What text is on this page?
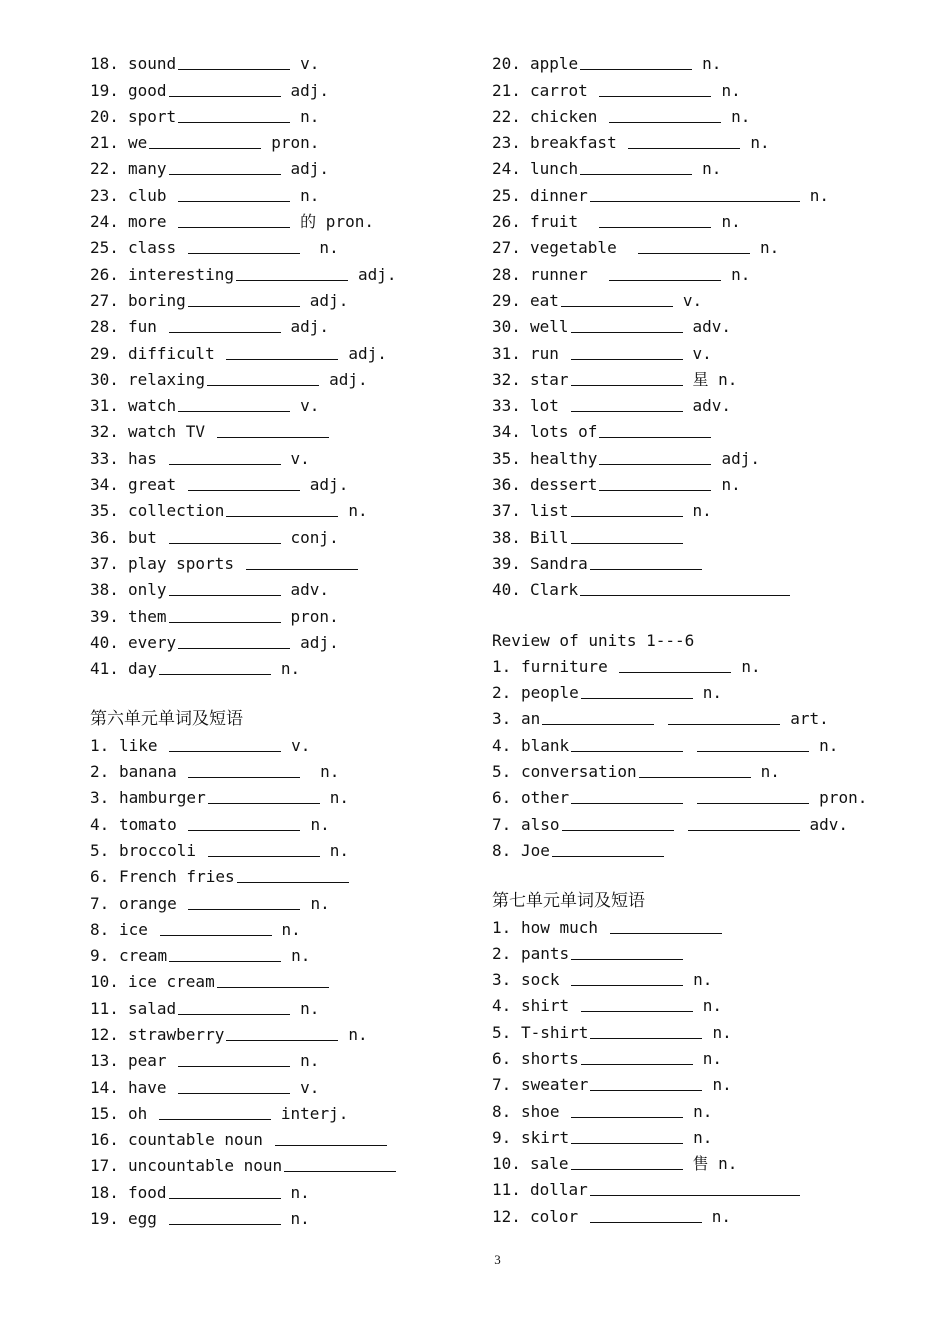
18. sound	v.
19. good	adj.
20. sport	n.
21. we	pron.
22. many	adj.
23. club	n.
24. more	的 pron.
25. class	n.
26. interesting	adj.
27. boring	adj.
28. fun	adj.
29. difficult	adj.
30. relaxing	adj.
31. watch	v.
32. watch TV
33. has	v.
34. great	adj.
35. collection	n.
36. but	conj.
37. play sports
38. only	adv.
39. them	pron.
40. every	adj.
41. day	n.
第六单元单词及短语
1. like	v.
2. banana	n.
3. hamburger	n.
4. tomato	n.
5. broccoli	n.
6. French fries
7. orange	n.
8. ice	n.
9. cream	n.
10. ice cream
11. salad	n.
12. strawberry	n.
13. pear	n.
14. have	v.
15. oh	interj.
16. countable noun
17. uncountable noun
18. food	n.
19. egg	n.
20. apple	n.
21. carrot	n.
22. chicken	n.
23. breakfast	n.
24. lunch	n.
25. dinner	n.
26. fruit	n.
27. vegetable	n.
28. runner	n.
29. eat	v.
30. well	adv.
31. run	v.
32. star	星 n.
33. lot	adv.
34. lots of
35. healthy	adj.
36. dessert	n.
37. list	n.
38. Bill
39. Sandra
40. Clark
Review of units 1---6
1. furniture	n.
2. people	n.
3. an	art.
4. blank	n.
5. conversation	n.
6. other	pron.
7. also	adv.
8. Joe
第七单元单词及短语
1. how much
2. pants
3. sock	n.
4. shirt	n.
5. T-shirt	n.
6. shorts	n.
7. sweater	n.
8. shoe	n.
9. skirt	n.
10. sale	售 n.
11. dollar
12. color	n.
3
